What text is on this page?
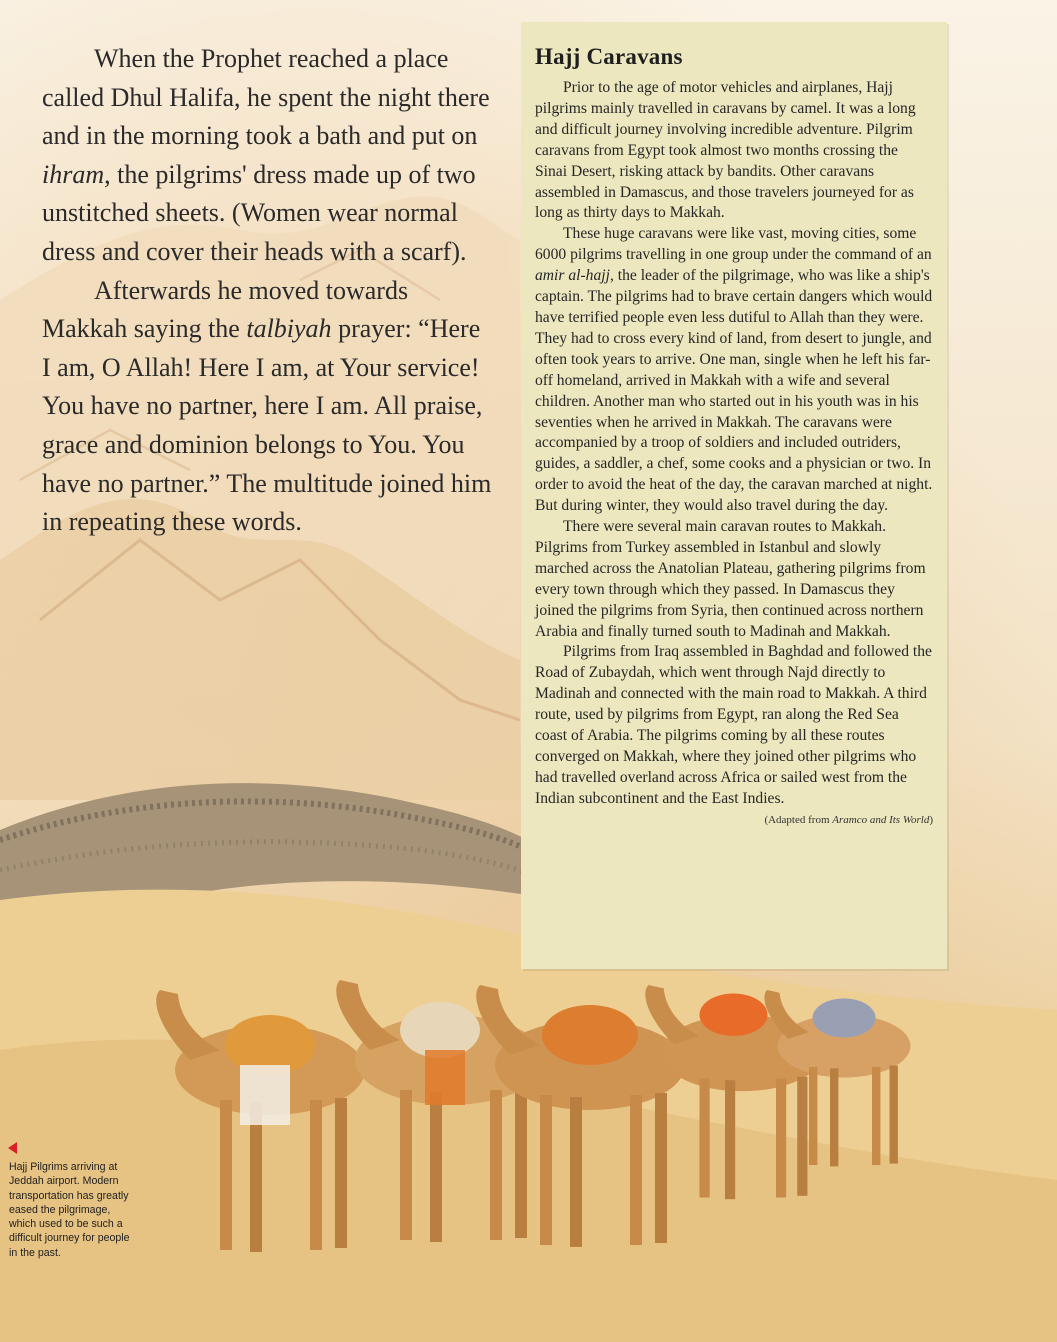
When the Prophet reached a place called Dhul Halifa, he spent the night there and in the morning took a bath and put on ihram, the pilgrims' dress made up of two unstitched sheets. (Women wear normal dress and cover their heads with a scarf).

Afterwards he moved towards Makkah saying the talbiyah prayer: “Here I am, O Allah! Here I am, at Your service! You have no partner, here I am. All praise, grace and dominion belongs to You. You have no partner.” The multitude joined him in repeating these words.

Hajj Caravans

Prior to the age of motor vehicles and airplanes, Hajj pilgrims mainly travelled in caravans by camel. It was a long and difficult journey involving incredible adventure. Pilgrim caravans from Egypt took almost two months crossing the Sinai Desert, risking attack by bandits. Other caravans assembled in Damascus, and those travelers journeyed for as long as thirty days to Makkah.

These huge caravans were like vast, moving cities, some 6000 pilgrims travelling in one group under the command of an amir al-hajj, the leader of the pilgrimage, who was like a ship's captain. The pilgrims had to brave certain dangers which would have terrified people even less dutiful to Allah than they were. They had to cross every kind of land, from desert to jungle, and often took years to arrive. One man, single when he left his far-off homeland, arrived in Makkah with a wife and several children. Another man who started out in his youth was in his seventies when he arrived in Makkah. The caravans were accompanied by a troop of soldiers and included outriders, guides, a saddler, a chef, some cooks and a physician or two. In order to avoid the heat of the day, the caravan marched at night. But during winter, they would also travel during the day.

There were several main caravan routes to Makkah. Pilgrims from Turkey assembled in Istanbul and slowly marched across the Anatolian Plateau, gathering pilgrims from every town through which they passed. In Damascus they joined the pilgrims from Syria, then continued across northern Arabia and finally turned south to Madinah and Makkah.

Pilgrims from Iraq assembled in Baghdad and followed the Road of Zubaydah, which went through Najd directly to Madinah and connected with the main road to Makkah. A third route, used by pilgrims from Egypt, ran along the Red Sea coast of Arabia. The pilgrims coming by all these routes converged on Makkah, where they joined other pilgrims who had travelled overland across Africa or sailed west from the Indian subcontinent and the East Indies.

(Adapted from Aramco and Its World)
Hajj Pilgrims arriving at Jeddah airport. Modern transportation has greatly eased the pilgrimage, which used to be such a difficult journey for people in the past.
